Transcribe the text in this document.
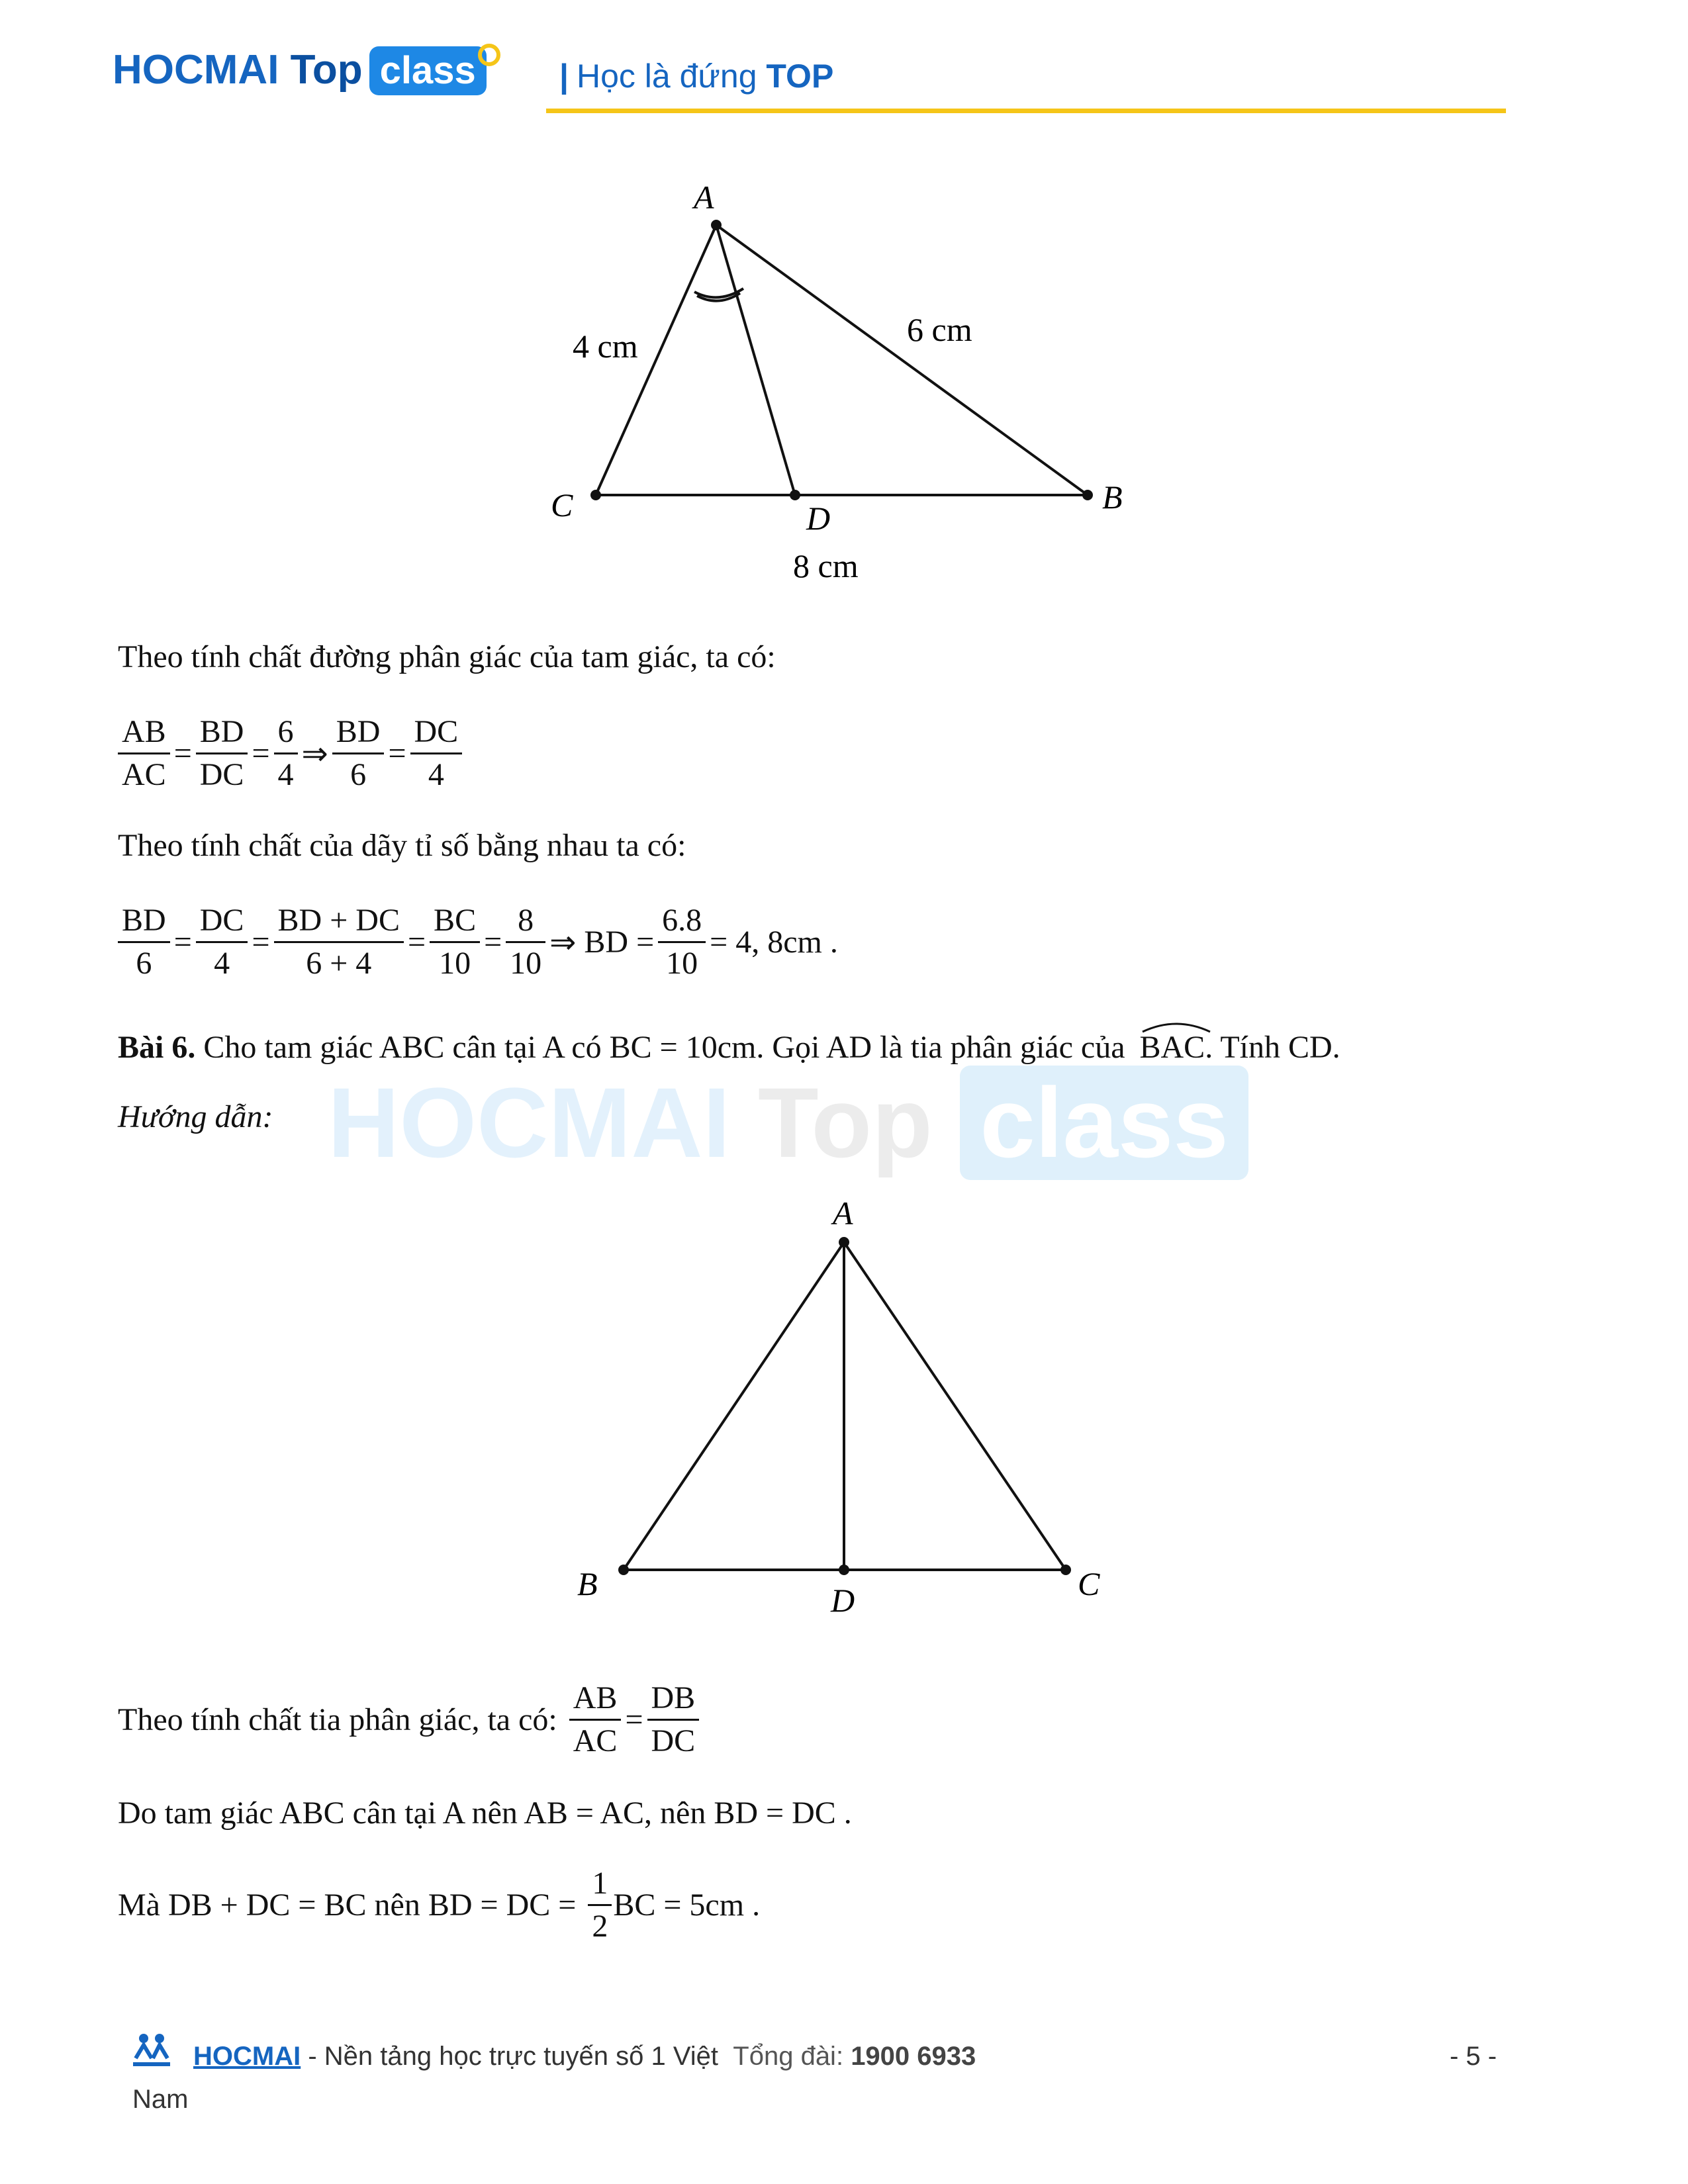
HOCMAI Top class	| Học là đứng TOP
A
B
C	D
4 cm	6 cm
8 cm
Theo tính chất đường phân giác của tam giác, ta có:
$\frac{AB}{AC} = \frac{BD}{DC} = \frac{6}{4}$ ⇒ $\frac{BD}{6} = \frac{DC}{4}$
Theo tính chất của dãy tỉ số bằng nhau ta có:
$\frac{BD}{6} = \frac{DC}{4} = \frac{BD + DC}{6 + 4} = \frac{BC}{10} = \frac{8}{10}$ ⇒ BD = $\frac{6.8}{10} = 4$, 8cm .
Bài 6. Cho tam giác ABC cân tại A có BC = 10cm. Gọi AD là tia phân giác của BAC. Tính CD.
HOCMAI Top class
Hướng dẫn:
A
B	C
D
Theo tính chất tia phân giác, ta có: $\frac{AB}{AC} = \frac{DB}{DC}$
Do tam giác ABC cân tại A nên AB = AC, nên BD = DC .
Mà DB + DC = BC nên BD = DC = $\frac{1}{2}$ BC = 5cm .
HOCMAI - Nền tảng học trực tuyến số 1 Việt Tổng đài: 1900 6933
Nam
- 5 -
